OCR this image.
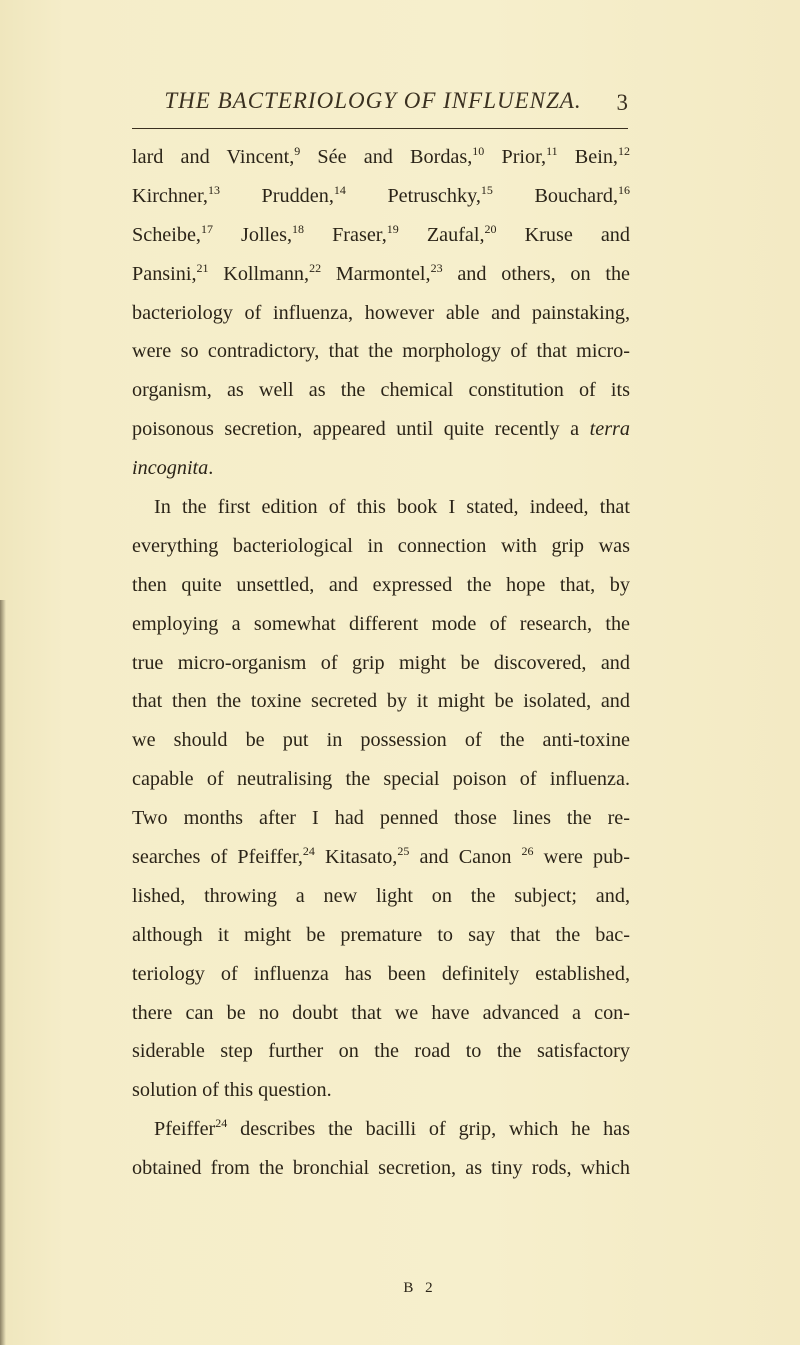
THE BACTERIOLOGY OF INFLUENZA.	3
lard and Vincent,$^9$ Sée and Bordas,$^{10}$ Prior,$^{11}$ Bein,$^{12}$
Kirchner,$^{13}$ Prudden,$^{14}$ Petruschky,$^{15}$ Bouchard,$^{16}$
Scheibe,$^{17}$ Jolles,$^{18}$ Fraser,$^{19}$ Zaufal,$^{20}$ Kruse and
Pansini,$^{21}$ Kollmann,$^{22}$ Marmontel,$^{23}$ and others, on the
bacteriology of influenza, however able and painstaking,
were so contradictory, that the morphology of that micro-
organism, as well as the chemical constitution of its
poisonous secretion, appeared until quite recently a terra
incognita.
In the first edition of this book I stated, indeed, that
everything bacteriological in connection with grip was
then quite unsettled, and expressed the hope that, by
employing a somewhat different mode of research, the
true micro-organism of grip might be discovered, and
that then the toxine secreted by it might be isolated, and
we should be put in possession of the anti-toxine
capable of neutralising the special poison of influenza.
Two months after I had penned those lines the re-
searches of Pfeiffer,$^{24}$ Kitasato,$^{25}$ and Canon $^{26}$ were pub-
lished, throwing a new light on the subject; and,
although it might be premature to say that the bac-
teriology of influenza has been definitely established,
there can be no doubt that we have advanced a con-
siderable step further on the road to the satisfactory
solution of this question.
Pfeiffer$^{24}$ describes the bacilli of grip, which he has
obtained from the bronchial secretion, as tiny rods, which
B 2
